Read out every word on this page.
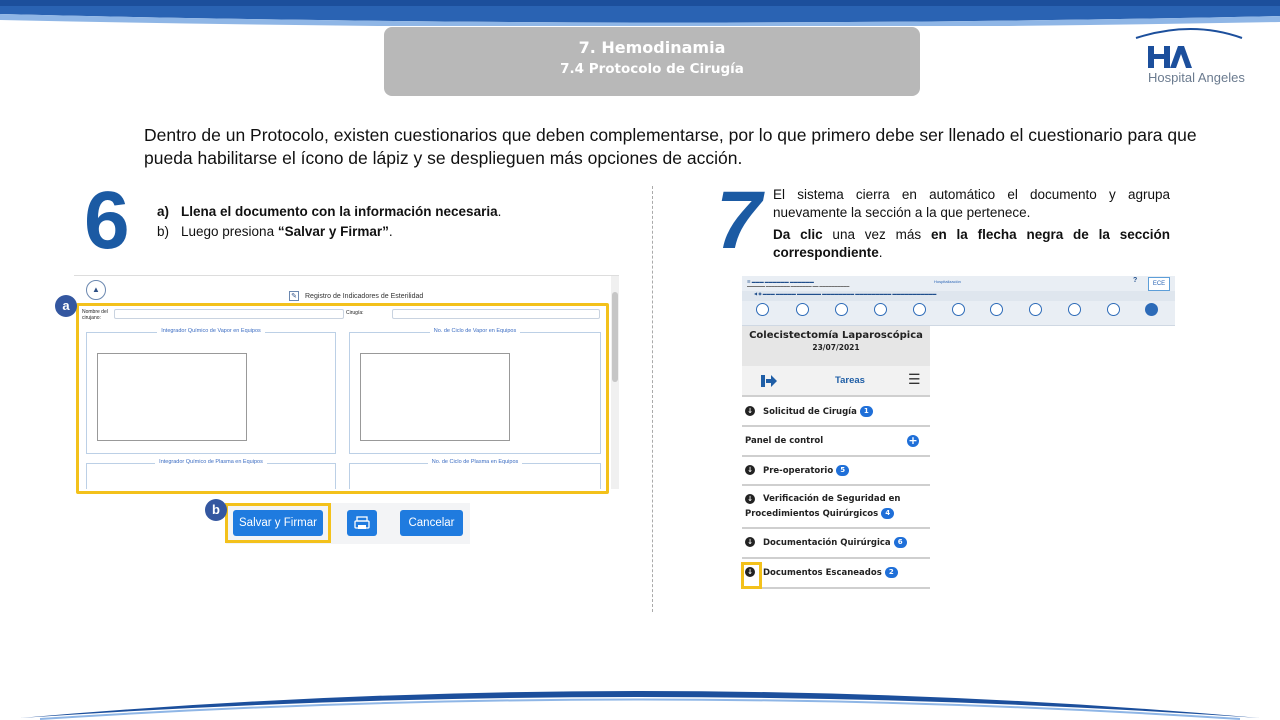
7. Hemodinamia
7.4 Protocolo de Cirugía
Hospital Angeles
Dentro de un Protocolo, existen cuestionarios que deben complementarse, por lo que primero debe ser llenado el cuestionario para que pueda habilitarse el ícono de lápiz y se desplieguen más opciones de acción.
6 a) Llena el documento con la información necesaria.
b) Luego presiona “Salvar y Firmar”.	7 El sistema cierra en automático el documento y agrupa nuevamente la sección a la que pertenece.

Da clic una vez más en la flecha negra de la sección correspondiente.

▲
✎ Registro de Indicadores de Esterilidad
Nombre del cirujano:
Cirugía:
Integrador Químico de Vapor en Equipos	No. de Ciclo de Vapor en Equipos
Integrador Químico de Plasma en Equipos	No. de Ciclo de Plasma en Equipos
a
Salvar y Firmar	Cancelar
b
☰ ▬▬▬ ▬▬▬▬▬▬ ▬▬▬▬▬▬
▬▬▬▬▬▬ ▬▬▬▬▬▬▬▬ ▬▬▬▬▬▬▬ ▬▬ ▬▬▬▬▬▬▬▬▬▬
Hospitalización	?	ECE
◀ ◉ ▬▬▬ ▬▬▬▬▬ ▬▬▬▬▬▬ ▬▬▬▬▬▬▬▬ ▬▬▬▬▬▬▬▬▬ ▬▬▬▬▬▬▬▬▬▬▬
Colecistectomía Laparoscópica
23/07/2021
Tareas	☰
↓ Solicitud de Cirugía 1
Panel de control	+
↓ Pre-operatorio 5
↓ Verificación de Seguridad en
Procedimientos Quirúrgicos 4
↓ Documentación Quirúrgica 6
↓ Documentos Escaneados 2
